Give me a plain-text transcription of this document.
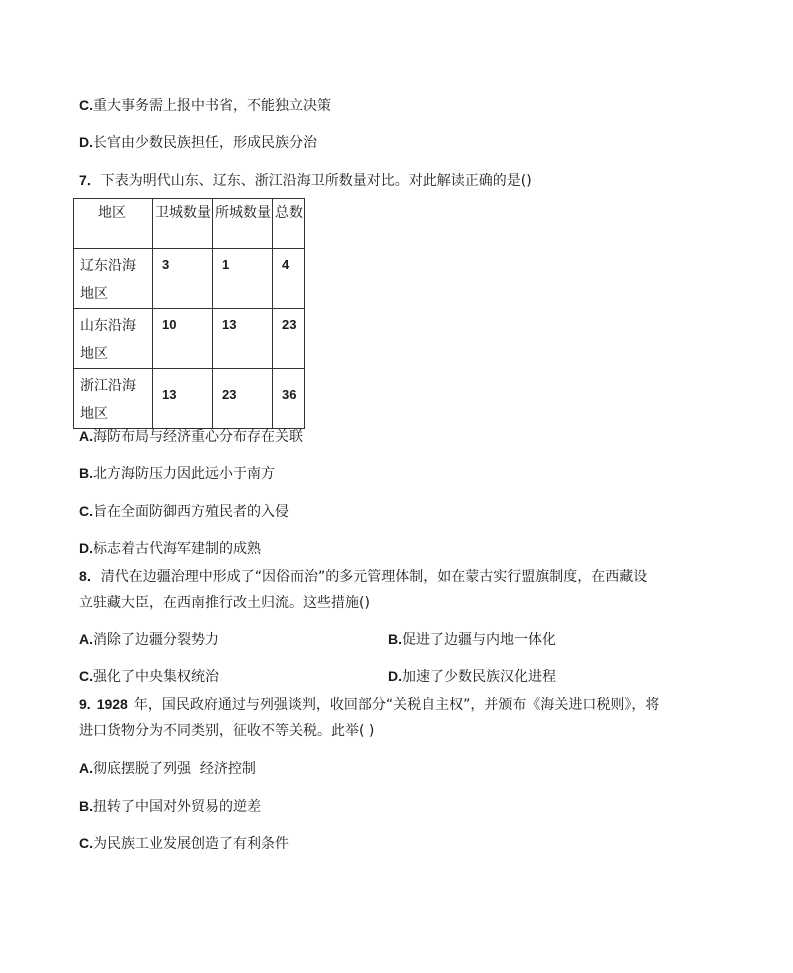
C.重大事务需上报中书省，不能独立决策
D.长官由少数民族担任，形成民族分治
7．下表为明代山东、辽东、浙江沿海卫所数量对比。对此解读正确的是()
地区	卫城数量	所城数量	总数

辽东沿海
地区	3	1	4

山东沿海
地区	10	13	23

浙江沿海
地区	13	23	36
A.海防布局与经济重心分布存在关联
B.北方海防压力因此远小于南方
C.旨在全面防御西方殖民者的入侵
D.标志着古代海军建制的成熟
8．清代在边疆治理中形成了“因俗而治”的多元管理体制，如在蒙古实行盟旗制度，在西藏设
立驻藏大臣，在西南推行改土归流。这些措施()
A.消除了边疆分裂势力	B.促进了边疆与内地一体化
C.强化了中央集权统治	D.加速了少数民族汉化进程
9. 1928 年，国民政府通过与列强谈判，收回部分“关税自主权”，并颁布《海关进口税则》，将
进口货物分为不同类别，征收不等关税。此举( )
A.彻底摆脱了列强  经济控制
B.扭转了中国对外贸易的逆差
C.为民族工业发展创造了有利条件
